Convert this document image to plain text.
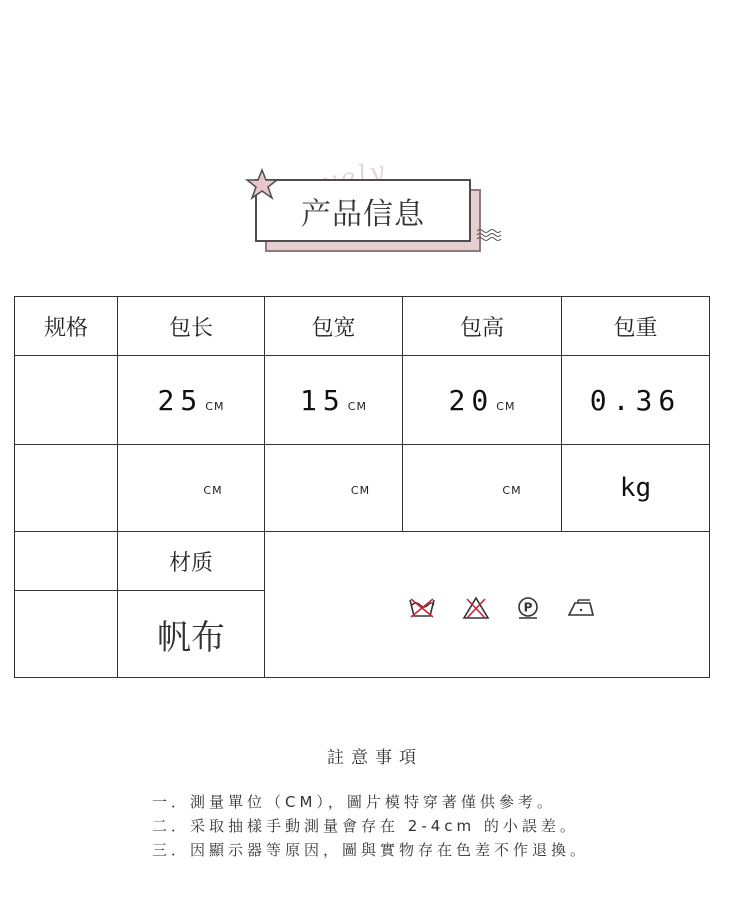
产品信息
规格	包长	包宽	包高	包重
	25 CM	15 CM	20 CM	0.36
	CM	CM	CM	kg
	材质	P		

	帆布			
註意事項
一．測量單位（CM），圖片模特穿著僅供參考。
二．采取抽樣手動測量會存在 2-4cm 的小誤差。
三．因顯示器等原因，圖與實物存在色差不作退換。
